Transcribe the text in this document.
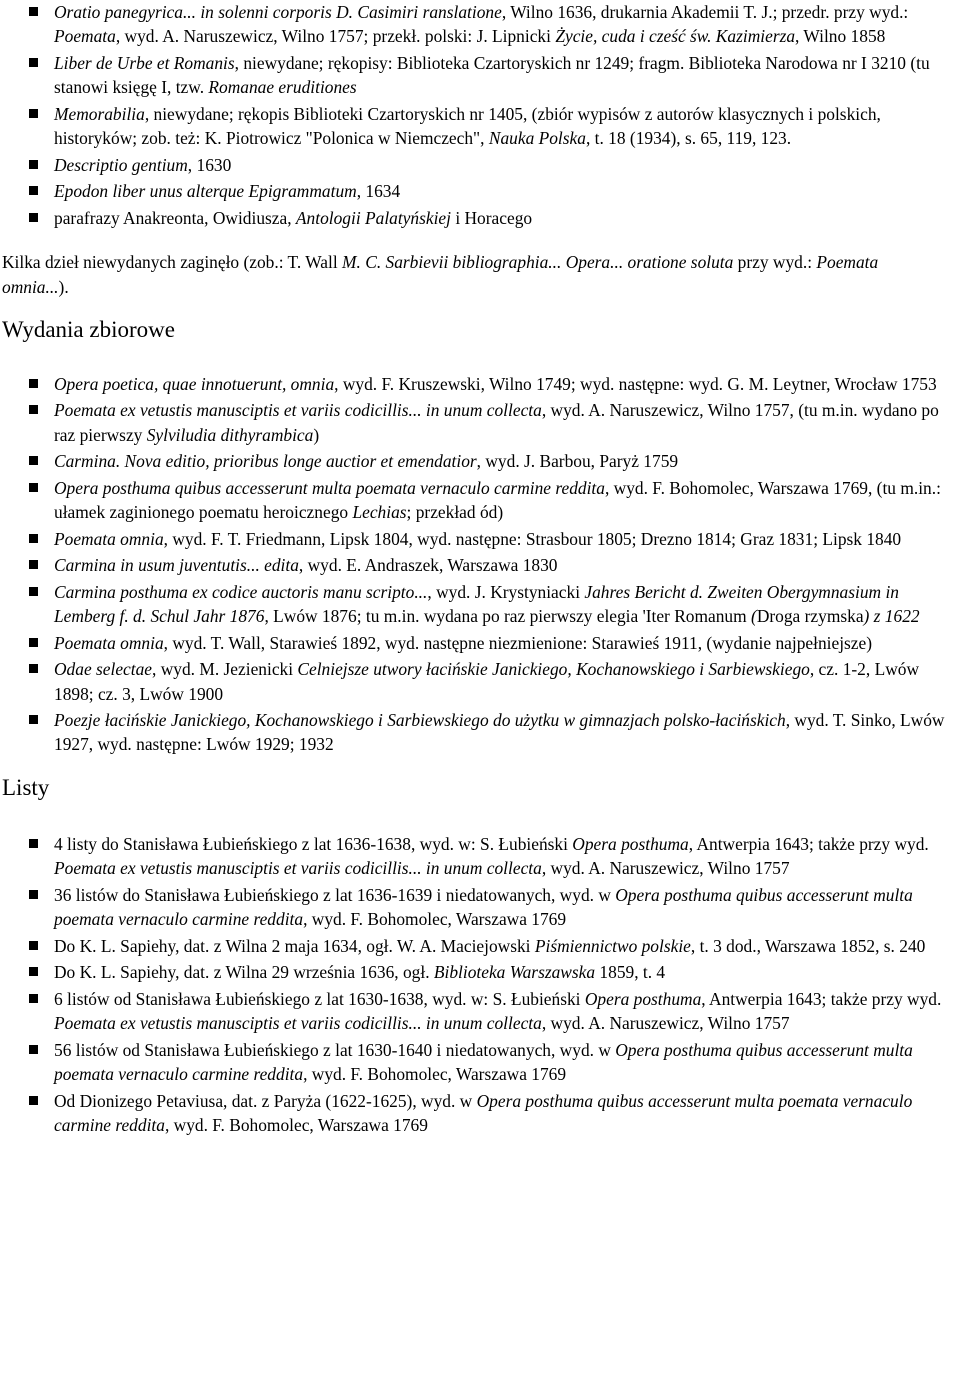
Oratio panegyrica... in solenni corporis D. Casimiri ranslatione, Wilno 1636, drukarnia Akademii T. J.; przedr. przy wyd.: Poemata, wyd. A. Naruszewicz, Wilno 1757; przekł. polski: J. Lipnicki Życie, cuda i cześć św. Kazimierza, Wilno 1858
Liber de Urbe et Romanis, niewydane; rękopisy: Biblioteka Czartoryskich nr 1249; fragm. Biblioteka Narodowa nr I 3210 (tu stanowi księgę I, tzw. Romanae eruditiones
Memorabilia, niewydane; rękopis Biblioteki Czartoryskich nr 1405, (zbiór wypisów z autorów klasycznych i polskich, historyków; zob. też: K. Piotrowicz "Polonica w Niemczech", Nauka Polska, t. 18 (1934), s. 65, 119, 123.
Descriptio gentium, 1630
Epodon liber unus alterque Epigrammatum, 1634
parafrazy Anakreonta, Owidiusza, Antologii Palatyńskiej i Horacego

Kilka dzieł niewydanych zaginęło (zob.: T. Wall M. C. Sarbievii bibliographia... Opera... oratione soluta przy wyd.: Poemata omnia...).

Wydania zbiorowe
Opera poetica, quae innotuerunt, omnia, wyd. F. Kruszewski, Wilno 1749; wyd. następne: wyd. G. M. Leytner, Wrocław 1753
Poemata ex vetustis manusciptis et variis codicillis... in unum collecta, wyd. A. Naruszewicz, Wilno 1757, (tu m.in. wydano po raz pierwszy Sylviludia dithyrambica)
Carmina. Nova editio, prioribus longe auctior et emendatior, wyd. J. Barbou, Paryż 1759
Opera posthuma quibus accesserunt multa poemata vernaculo carmine reddita, wyd. F. Bohomolec, Warszawa 1769, (tu m.in.: ułamek zaginionego poematu heroicznego Lechias; przekład ód)
Poemata omnia, wyd. F. T. Friedmann, Lipsk 1804, wyd. następne: Strasbour 1805; Drezno 1814; Graz 1831; Lipsk 1840
Carmina in usum juventutis... edita, wyd. E. Andraszek, Warszawa 1830
Carmina posthuma ex codice auctoris manu scripto..., wyd. J. Krystyniacki Jahres Bericht d. Zweiten Obergymnasium in Lemberg f. d. Schul Jahr 1876, Lwów 1876; tu m.in. wydana po raz pierwszy elegia 'Iter Romanum (Droga rzymska) z 1622
Poemata omnia, wyd. T. Wall, Starawieś 1892, wyd. następne niezmienione: Starawieś 1911, (wydanie najpełniejsze)
Odae selectae, wyd. M. Jezienicki Celniejsze utwory łacińskie Janickiego, Kochanowskiego i Sarbiewskiego, cz. 1-2, Lwów 1898; cz. 3, Lwów 1900
Poezje łacińskie Janickiego, Kochanowskiego i Sarbiewskiego do użytku w gimnazjach polsko-łacińskich, wyd. T. Sinko, Lwów 1927, wyd. następne: Lwów 1929; 1932
Listy
4 listy do Stanisława Łubieńskiego z lat 1636-1638, wyd. w: S. Łubieński Opera posthuma, Antwerpia 1643; także przy wyd. Poemata ex vetustis manusciptis et variis codicillis... in unum collecta, wyd. A. Naruszewicz, Wilno 1757
36 listów do Stanisława Łubieńskiego z lat 1636-1639 i niedatowanych, wyd. w Opera posthuma quibus accesserunt multa poemata vernaculo carmine reddita, wyd. F. Bohomolec, Warszawa 1769
Do K. L. Sapiehy, dat. z Wilna 2 maja 1634, ogł. W. A. Maciejowski Piśmiennictwo polskie, t. 3 dod., Warszawa 1852, s. 240
Do K. L. Sapiehy, dat. z Wilna 29 września 1636, ogł. Biblioteka Warszawska 1859, t. 4
6 listów od Stanisława Łubieńskiego z lat 1630-1638, wyd. w: S. Łubieński Opera posthuma, Antwerpia 1643; także przy wyd. Poemata ex vetustis manusciptis et variis codicillis... in unum collecta, wyd. A. Naruszewicz, Wilno 1757
56 listów od Stanisława Łubieńskiego z lat 1630-1640 i niedatowanych, wyd. w Opera posthuma quibus accesserunt multa poemata vernaculo carmine reddita, wyd. F. Bohomolec, Warszawa 1769
Od Dionizego Petaviusa, dat. z Paryża (1622-1625), wyd. w Opera posthuma quibus accesserunt multa poemata vernaculo carmine reddita, wyd. F. Bohomolec, Warszawa 1769
